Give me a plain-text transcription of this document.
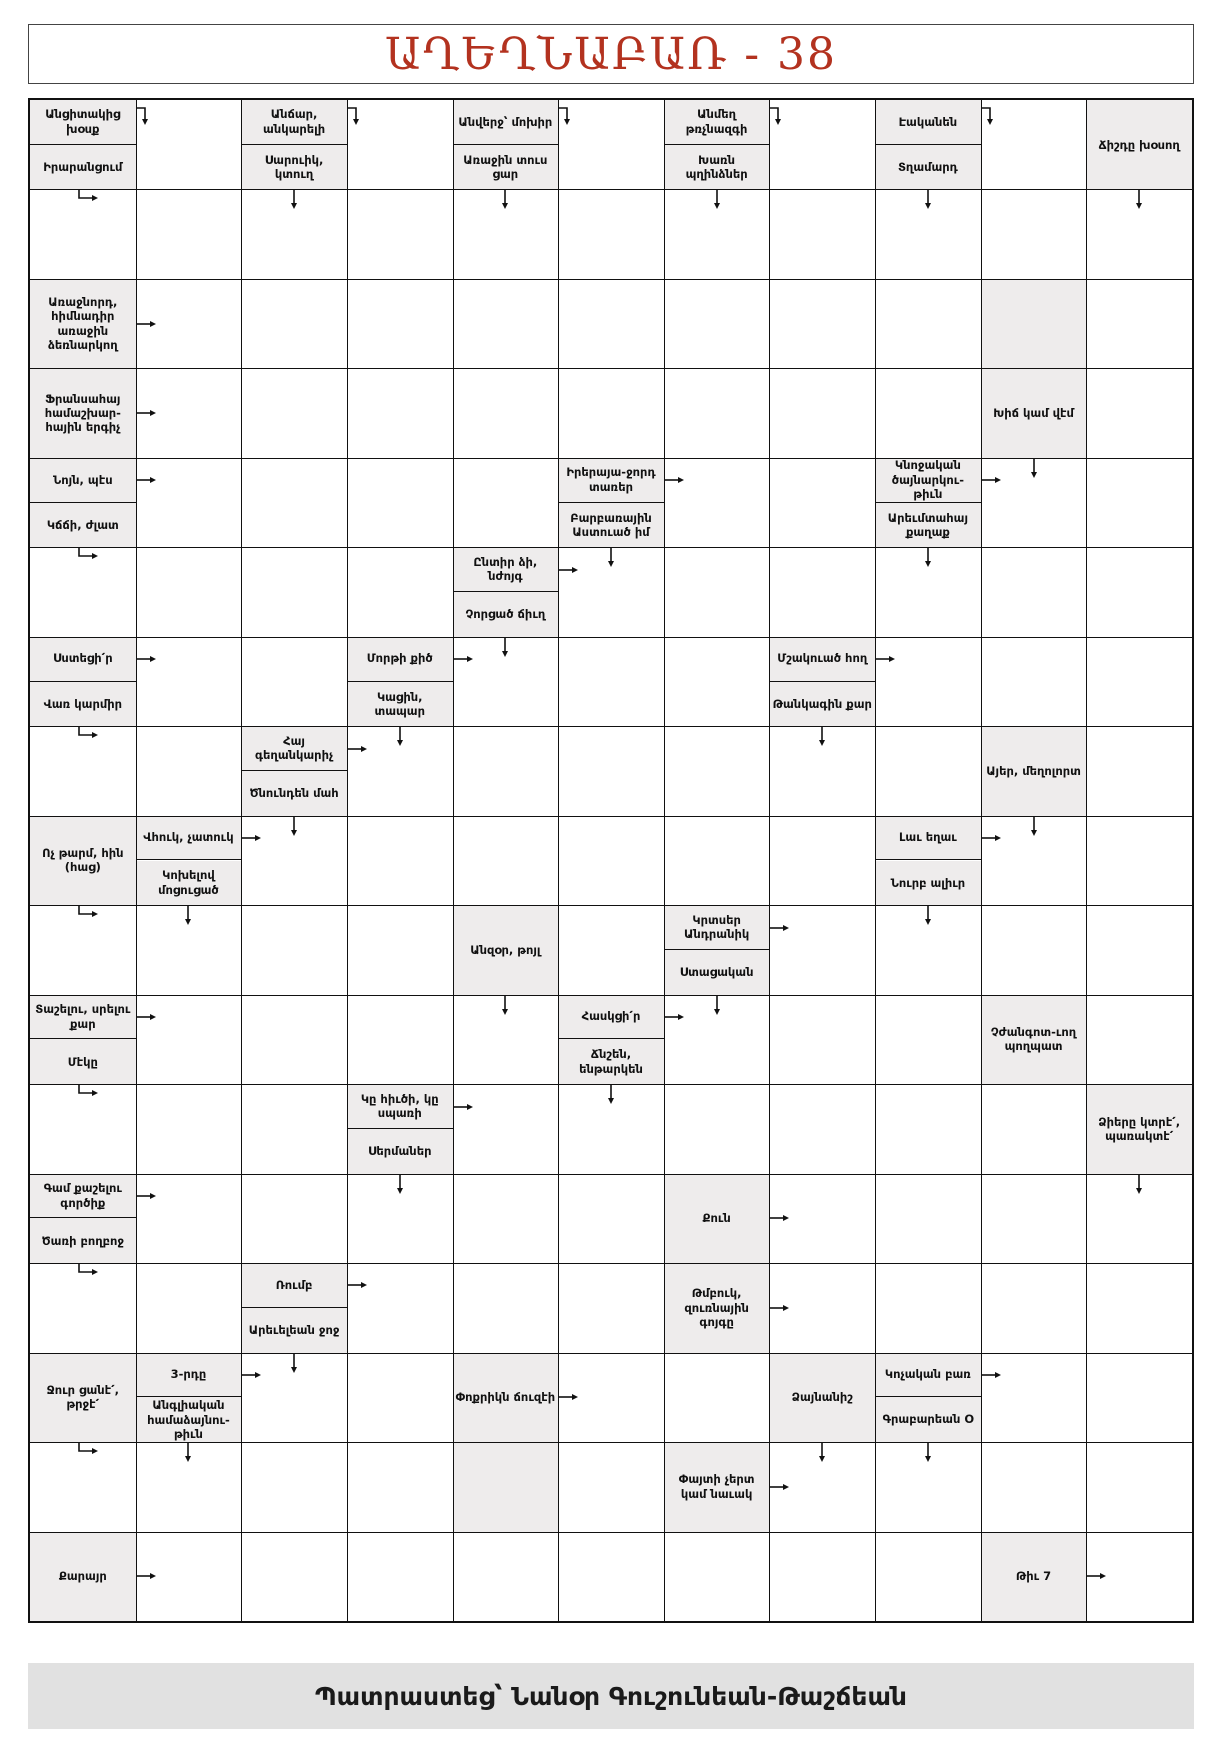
ԱՂԵՂՆԱԲԱՌ - 38
Անցիտակից խօսք
Իրարանցում
Անճար, անկարելի
Սարուիկ, կտուղ
Անվերջ՝ մոխիր
Առաջին տուս ցար
Անմեղ թռչնազգի
Խառն պղինձներ
Էականեն
Տղամարդ
Ճիշդը խօսող
Առաջնորդ, հիմնադիր առաջին ձեռնարկող
Ֆրանսահայ համաշխար-հային երգիչ
Խիճ կամ վէմ
Նոյն, պէս
Կճճի, ժլատ
Իրերայա-ջորդ տառեր
Բարբառային Աստուած իմ
Կնոջական ծայնարկու-թիւն
Արեւմտահայ քաղաք
Ընտիր ձի, նժոյգ
Չորցած ճիւղ
Սստեցի՛ր
Վառ կարմիր
Մորթի քիծ
Կացին, տապար
Մշակուած հող
Թանկագին քար
Հայ գեղանկարիչ
Ծնունդեն մահ
Այեր, մեղոլորտ
Ոչ թարմ, հին (հաց)
Վհուկ, չատուկ
Կոխելով մոցուցած
Լաւ եղաւ
Նուրբ ալիւր
Անզօր, թոյլ
Կրտսեր Անդրանիկ
Ստացական
Տաշելու, սրելու քար
Մէկը
Հասկցի՛ր
Ճնշեն, ենթարկեն
Չժանգոտ-ւող պողպատ
Կը հիւծի, կը սպառի
Սերմաներ
Ձիերը կտրէ՛, պառակտէ՛
Գամ քաշելու գործիք
Ծառի բողբոջ
Քուն
Ռումբ
Արեւելեան ջոջ
Թմբուկ, զուռնային գոյգը
Ջուր ցանէ՛, թրջէ՛
3-րդը
Անգլիական համաձայնու-թիւն
Փոքրիկն ճուզէի	Ձայնանիշ
Կոչական բառ
Գրաբարեան Օ
Փայտի չերտ կամ նաւակ
Քարայր	Թիւ 7
Պատրաստեց՝ Նանօր Գուշունեան-Թաշճեան
